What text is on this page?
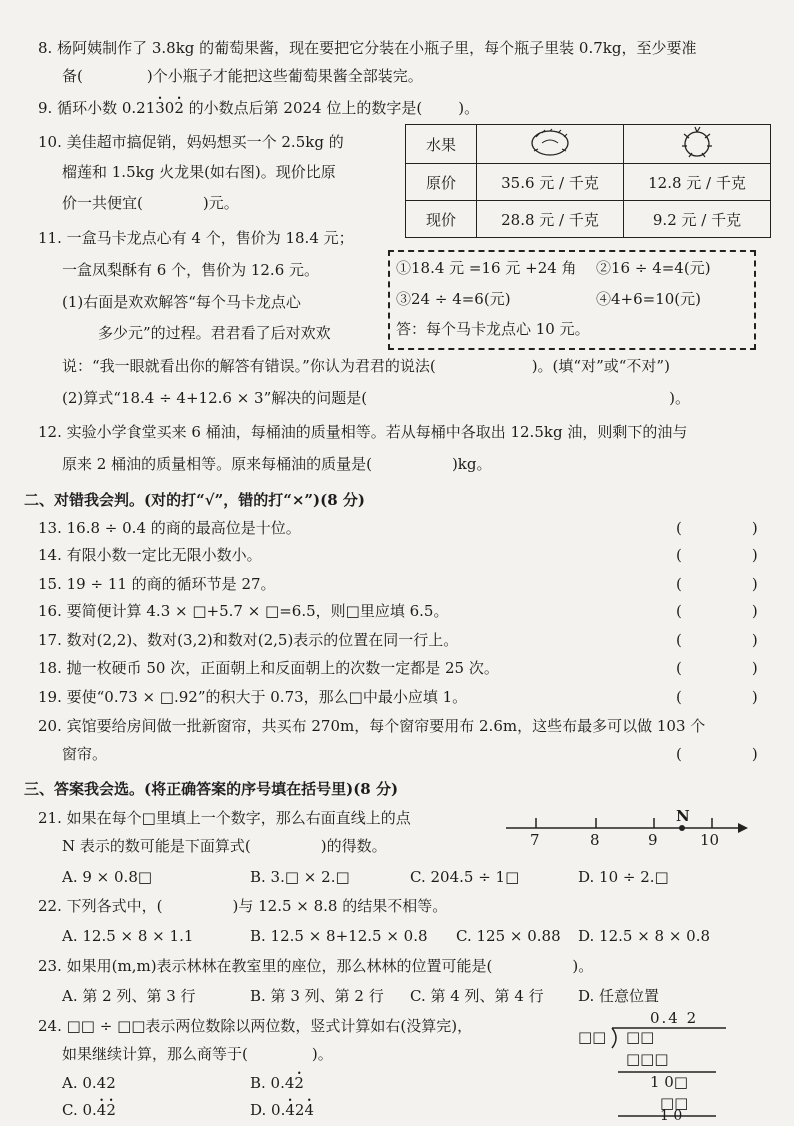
8. 杨阿姨制作了 3.8kg 的葡萄果酱，现在要把它分装在小瓶子里，每个瓶子里装 0.7kg，至少要准
备(	)个小瓶子才能把这些葡萄果酱全部装完。
9. 循环小数 0.21• 30• 2 的小数点后第 2024 位上的数字是( )。
10. 美佳超市搞促销，妈妈想买一个 2.5kg 的
榴莲和 1.5kg 火龙果(如右图)。现价比原
价一共便宜(	)元。
水果		
原价	35.6 元 / 千克	12.8 元 / 千克
现价	28.8 元 / 千克	9.2 元 / 千克
11. 一盒马卡龙点心有 4 个，售价为 18.4 元；
一盒凤梨酥有 6 个，售价为 12.6 元。
(1)右面是欢欢解答“每个马卡龙点心
多少元”的过程。君君看了后对欢欢
说：“我一眼就看出你的解答有错误。”你认为君君的说法(	)。(填“对”或“不对”)
(2)算式“18.4 ÷ 4+12.6 × 3”解决的问题是(	)。
①18.4 元 =16 元 +24 角 ②16 ÷ 4=4(元)
③24 ÷ 4=6(元)	④4+6=10(元)
答：每个马卡龙点心 10 元。
12. 实验小学食堂买来 6 桶油，每桶油的质量相等。若从每桶中各取出 12.5kg 油，则剩下的油与
原来 2 桶油的质量相等。原来每桶油的质量是(	)kg。
二、对错我会判。(对的打“√”，错的打“×”)(8 分)
13. 16.8 ÷ 0.4 的商的最高位是十位。
14. 有限小数一定比无限小数小。
15. 19 ÷ 11 的商的循环节是 27。
16. 要简便计算 4.3 × □+5.7 × □=6.5，则□里应填 6.5。
17. 数对(2,2)、数对(3,2)和数对(2,5)表示的位置在同一行上。
18. 抛一枚硬币 50 次，正面朝上和反面朝上的次数一定都是 25 次。
19. 要使“0.73 × □.92”的积大于 0.73，那么□中最小应填 1。
20. 宾馆要给房间做一批新窗帘，共买布 270m，每个窗帘要用布 2.6m，这些布最多可以做 103 个
窗帘。
(	)
(	)
(	)
(	)
(	)
(	)
(	)
(	)
三、答案我会选。(将正确答案的序号填在括号里)(8 分)
21. 如果在每个□里填上一个数字，那么右面直线上的点
N 表示的数可能是下面算式(	)的得数。
A. 9 × 0.8□	B. 3.□ × 2.□	C. 204.5 ÷ 1□	D. 10 ÷ 2.□
7	8	9	10
N
22. 下列各式中，(	)与 12.5 × 8.8 的结果不相等。
A. 12.5 × 8 × 1.1	B. 12.5 × 8+12.5 × 0.8 C. 125 × 0.88 D. 12.5 × 8 × 0.8
23. 如果用(m,m)表示林林在教室里的座位，那么林林的位置可能是(	)。
A. 第 2 列、第 3 行	B. 第 3 列、第 2 行 C. 第 4 列、第 4 行 D. 任意位置
24. □□ ÷ □□表示两位数除以两位数，竖式计算如右(没算完)，
如果继续计算，那么商等于(	)。
A. 0.42	B. 0.4• 2
C. 0.• 4• 2	D. 0.• 42• 4
0.4 2
□□ □□
□□□
1 0□
□□
1 0
